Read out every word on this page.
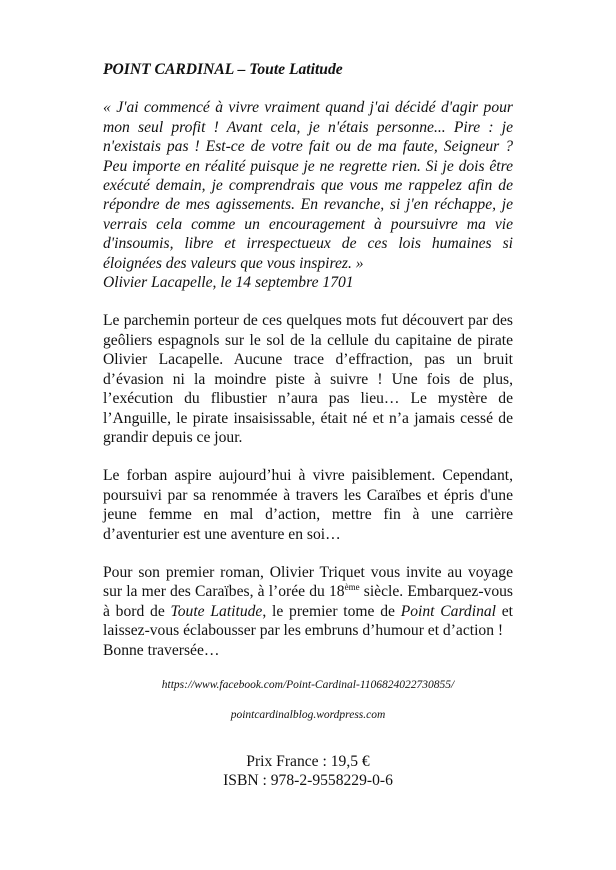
POINT CARDINAL – Toute Latitude

« J'ai commencé à vivre vraiment quand j'ai décidé d'agir pour mon seul profit ! Avant cela, je n'étais personne... Pire : je n'existais pas ! Est-ce de votre fait ou de ma faute, Seigneur ? Peu importe en réalité puisque je ne regrette rien. Si je dois être exécuté demain, je comprendrais que vous me rappelez afin de répondre de mes agissements. En revanche, si j'en réchappe, je verrais cela comme un encouragement à poursuivre ma vie d'insoumis, libre et irrespectueux de ces lois humaines si éloignées des valeurs que vous inspirez. »

Olivier Lacapelle, le 14 septembre 1701

Le parchemin porteur de ces quelques mots fut découvert par des geôliers espagnols sur le sol de la cellule du capitaine de pirate Olivier Lacapelle. Aucune trace d’effraction, pas un bruit d’évasion ni la moindre piste à suivre ! Une fois de plus, l’exécution du flibustier n’aura pas lieu… Le mystère de l’Anguille, le pirate insaisissable, était né et n’a jamais cessé de grandir depuis ce jour.

Le forban aspire aujourd’hui à vivre paisiblement. Cependant, poursuivi par sa renommée à travers les Caraïbes et épris d'une jeune femme en mal d’action, mettre fin à une carrière d’aventurier est une aventure en soi…

Pour son premier roman, Olivier Triquet vous invite au voyage sur la mer des Caraïbes, à l’orée du 18ème siècle. Embarquez-vous à bord de Toute Latitude, le premier tome de Point Cardinal et laissez-vous éclabousser par les embruns d’humour et d’action !

Bonne traversée…

https://www.facebook.com/Point-Cardinal-1106824022730855/
pointcardinalblog.wordpress.com
Prix France : 19,5 €
ISBN : 978-2-9558229-0-6
